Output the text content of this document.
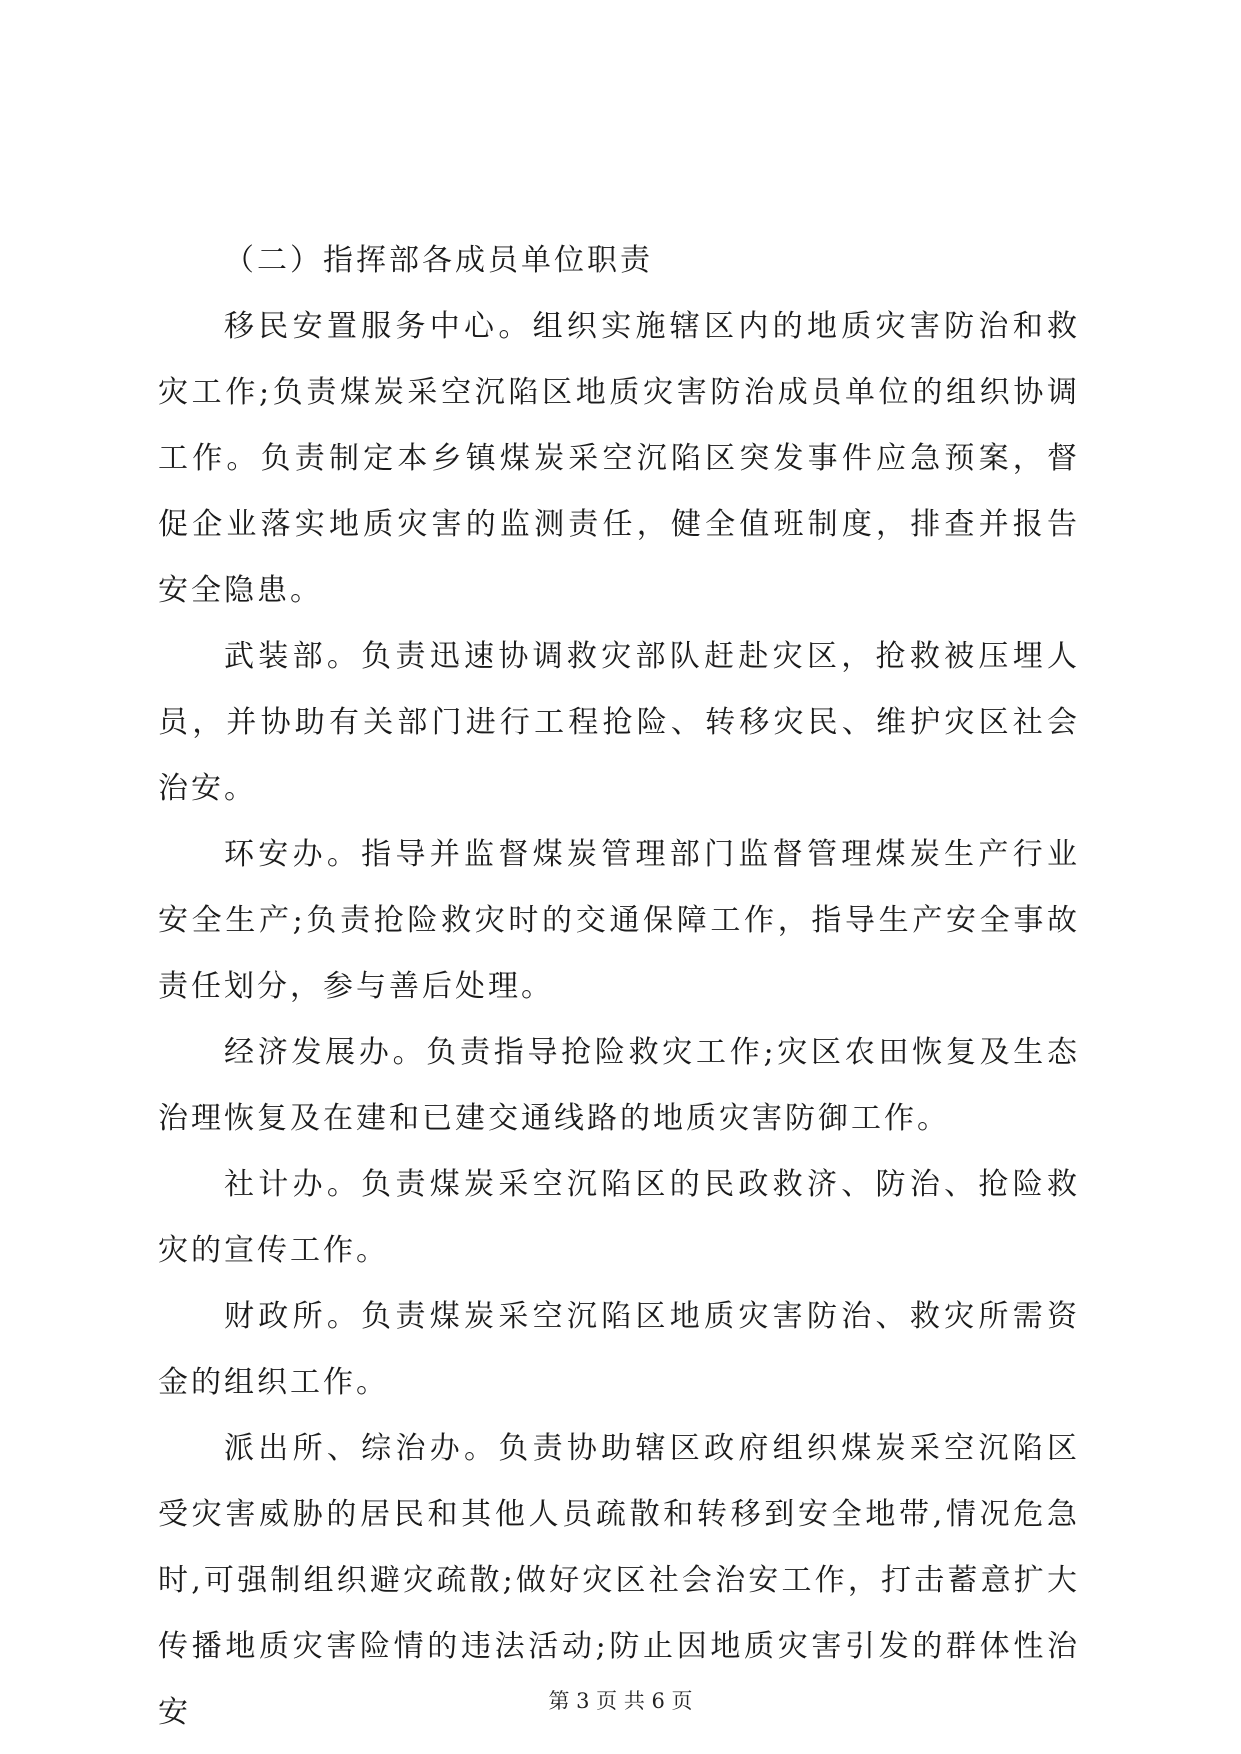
（二）指挥部各成员单位职责

移民安置服务中心。组织实施辖区内的地质灾害防治和救灾工作;负责煤炭采空沉陷区地质灾害防治成员单位的组织协调工作。负责制定本乡镇煤炭采空沉陷区突发事件应急预案，督促企业落实地质灾害的监测责任，健全值班制度，排查并报告安全隐患。

武装部。负责迅速协调救灾部队赶赴灾区，抢救被压埋人员，并协助有关部门进行工程抢险、转移灾民、维护灾区社会治安。

环安办。指导并监督煤炭管理部门监督管理煤炭生产行业安全生产;负责抢险救灾时的交通保障工作，指导生产安全事故责任划分，参与善后处理。

经济发展办。负责指导抢险救灾工作;灾区农田恢复及生态治理恢复及在建和已建交通线路的地质灾害防御工作。

社计办。负责煤炭采空沉陷区的民政救济、防治、抢险救灾的宣传工作。

财政所。负责煤炭采空沉陷区地质灾害防治、救灾所需资金的组织工作。

派出所、综治办。负责协助辖区政府组织煤炭采空沉陷区受灾害威胁的居民和其他人员疏散和转移到安全地带,情况危急时,可强制组织避灾疏散;做好灾区社会治安工作，打击蓄意扩大传播地质灾害险情的违法活动;防止因地质灾害引发的群体性治安	第 3 页 共 6 页
